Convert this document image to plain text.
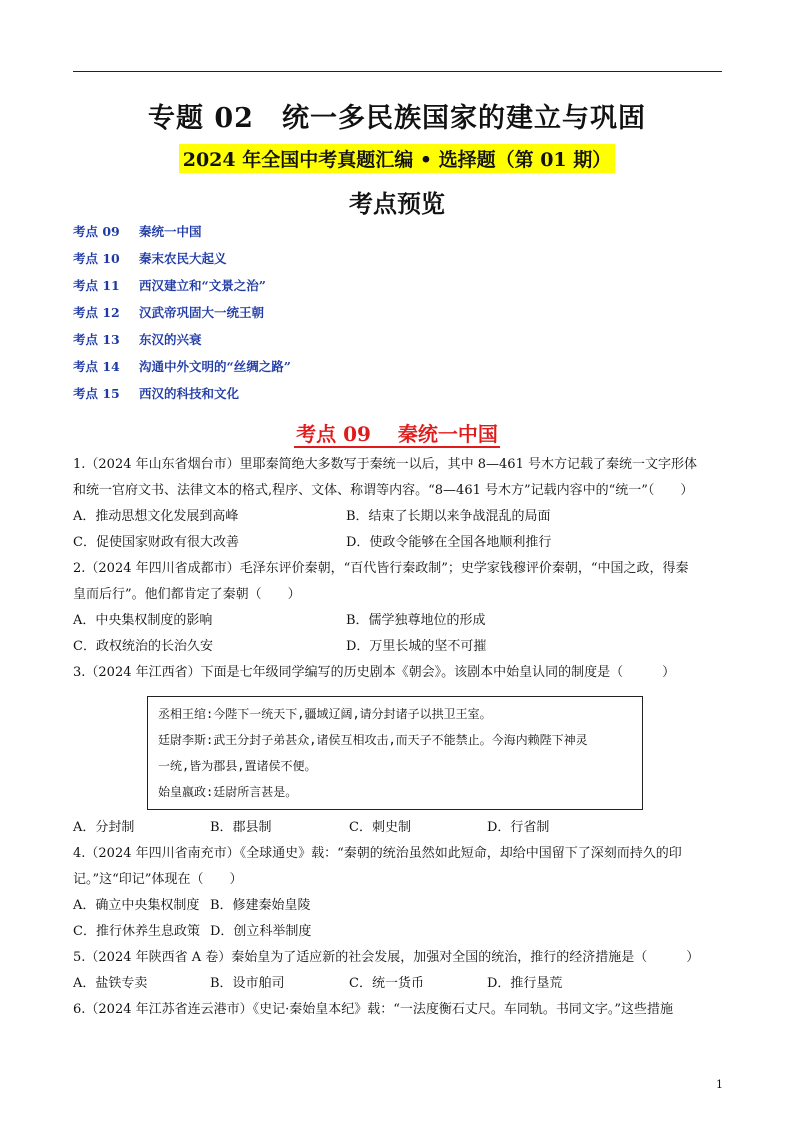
专题 02　统一多民族国家的建立与巩固
2024 年全国中考真题汇编 • 选择题（第 01 期）
考点预览
考点 09 秦统一中国
考点 10 秦末农民大起义
考点 11 西汉建立和“文景之治”
考点 12 汉武帝巩固大一统王朝
考点 13 东汉的兴衰
考点 14 沟通中外文明的“丝绸之路”
考点 15 西汉的科技和文化
考点 09　 秦统一中国
1.（2024 年山东省烟台市）里耶秦简绝大多数写于秦统一以后，其中 8—461 号木方记载了秦统一文字形体
和统一官府文书、法律文本的格式,程序、文体、称谓等内容。“8—461 号木方”记载内容中的“统一”（　　）
A．推动思想文化发展到高峰	B．结束了长期以来争战混乱的局面
C．促使国家财政有很大改善	D．使政令能够在全国各地顺利推行
2.（2024 年四川省成都市）毛泽东评价秦朝，“百代皆行秦政制”；史学家钱穆评价秦朝，“中国之政，得秦
皇而后行”。他们都肯定了秦朝（　　）
A．中央集权制度的影响	B．儒学独尊地位的形成
C．政权统治的长治久安	D．万里长城的坚不可摧
3.（2024 年江西省）下面是七年级同学编写的历史剧本《朝会》。该剧本中始皇认同的制度是（　　　）
丞相王绾:今陛下一统天下,疆域辽阔,请分封诸子以拱卫王室。
廷尉李斯:武王分封子弟甚众,诸侯互相攻击,而天子不能禁止。今海内赖陛下神灵
一统,皆为郡县,置诸侯不便。
始皇嬴政:廷尉所言甚是。
A．分封制	B．郡县制	C．刺史制	D．行省制
4.（2024 年四川省南充市）《全球通史》载：“秦朝的统治虽然如此短命，却给中国留下了深刻而持久的印
记。”这“印记”体现在（　　）
A．确立中央集权制度 B．修建秦始皇陵
C．推行休养生息政策 D．创立科举制度
5.（2024 年陕西省 A 卷）秦始皇为了适应新的社会发展，加强对全国的统治，推行的经济措施是（　　　）
A．盐铁专卖	B．设市舶司	C．统一货币	D．推行垦荒
6.（2024 年江苏省连云港市）《史记·秦始皇本纪》载：“一法度衡石丈尺。车同轨。书同文字。”这些措施
1
